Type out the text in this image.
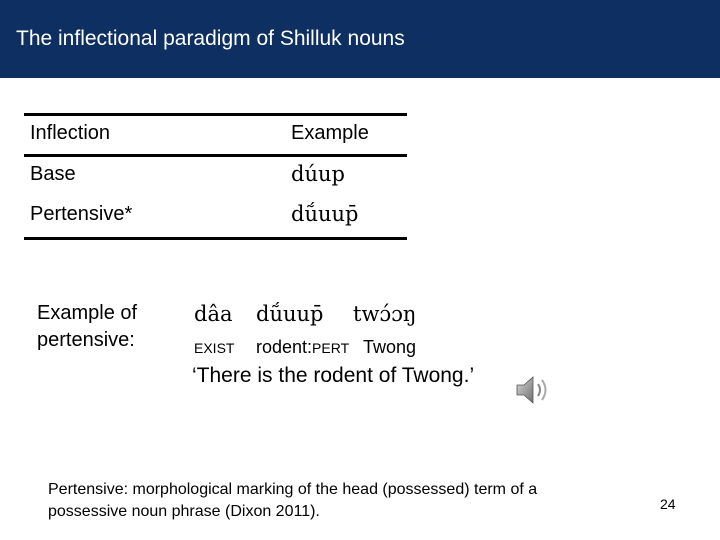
The inflectional paradigm of Shilluk nouns
Inflection	Example
Base	dúup
Pertensive*	dṹuup̄
Example of
pertensive:
dâa dṹuup̄ twɔ́ɔŋ
EXIST rodent:PERT Twong
‘There is the rodent of Twong.’
Pertensive: morphological marking of the head (possessed) term of a possessive noun phrase (Dixon 2011).	24
